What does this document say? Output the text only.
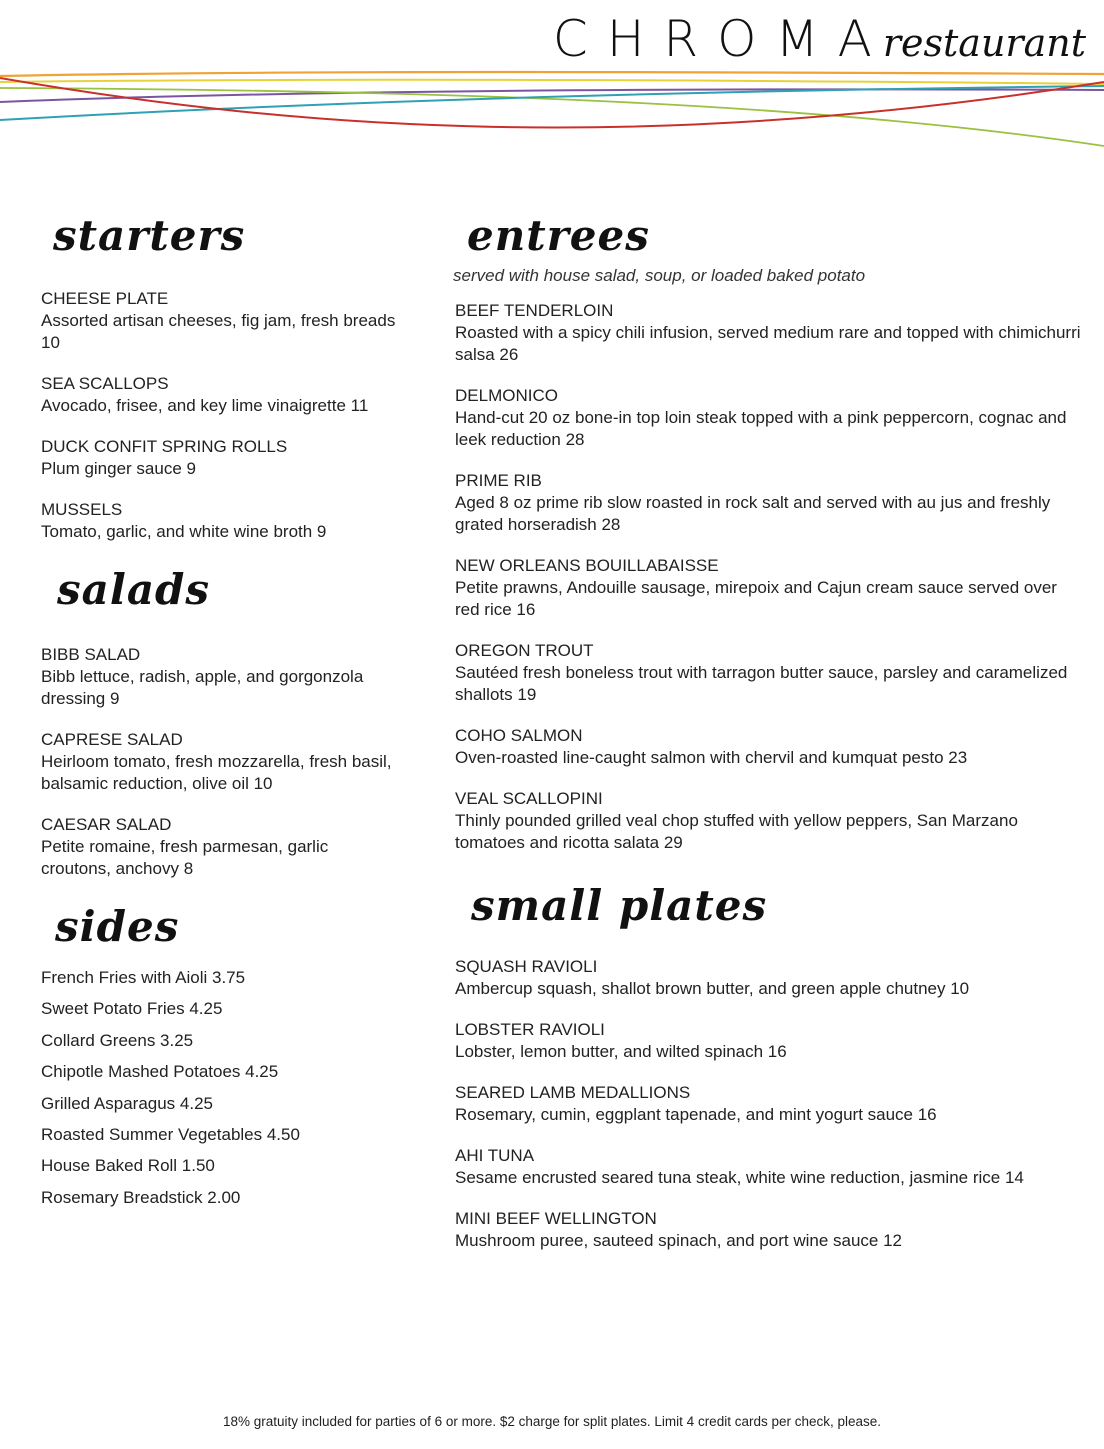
CHROMArestaurant
starters
CHEESE PLATE
Assorted artisan cheeses, fig jam, fresh breads 10
SEA SCALLOPS
Avocado, frisee, and key lime vinaigrette 11
DUCK CONFIT SPRING ROLLS
Plum ginger sauce 9
MUSSELS
Tomato, garlic, and white wine broth 9
salads
BIBB SALAD
Bibb lettuce, radish, apple, and gorgonzola dressing 9
CAPRESE SALAD
Heirloom tomato, fresh mozzarella, fresh basil, balsamic reduction, olive oil 10
CAESAR SALAD
Petite romaine, fresh parmesan, garlic croutons, anchovy 8
sides
French Fries with Aioli 3.75
Sweet Potato Fries 4.25
Collard Greens 3.25
Chipotle Mashed Potatoes 4.25
Grilled Asparagus 4.25
Roasted Summer Vegetables 4.50
House Baked Roll 1.50
Rosemary Breadstick 2.00
entrees
served with house salad, soup, or loaded baked potato
BEEF TENDERLOIN
Roasted with a spicy chili infusion, served medium rare and topped with chimichurri salsa 26
DELMONICO
Hand-cut 20 oz bone-in top loin steak topped with a pink peppercorn, cognac and leek reduction 28
PRIME RIB
Aged 8 oz prime rib slow roasted in rock salt and served with au jus and freshly grated horseradish 28
NEW ORLEANS BOUILLABAISSE
Petite prawns, Andouille sausage, mirepoix and Cajun cream sauce served over red rice 16
OREGON TROUT
Sautéed fresh boneless trout with tarragon butter sauce, parsley and caramelized shallots 19
COHO SALMON
Oven-roasted line-caught salmon with chervil and kumquat pesto 23
VEAL SCALLOPINI
Thinly pounded grilled veal chop stuffed with yellow peppers, San Marzano tomatoes and ricotta salata 29
small plates
SQUASH RAVIOLI
Ambercup squash, shallot brown butter, and green apple chutney 10
LOBSTER RAVIOLI
Lobster, lemon butter, and wilted spinach 16
SEARED LAMB MEDALLIONS
Rosemary, cumin, eggplant tapenade, and mint yogurt sauce 16
AHI TUNA
Sesame encrusted seared tuna steak, white wine reduction, jasmine rice 14
MINI BEEF WELLINGTON
Mushroom puree, sauteed spinach, and port wine sauce 12
18% gratuity included for parties of 6 or more. $2 charge for split plates. Limit 4 credit cards per check, please.
